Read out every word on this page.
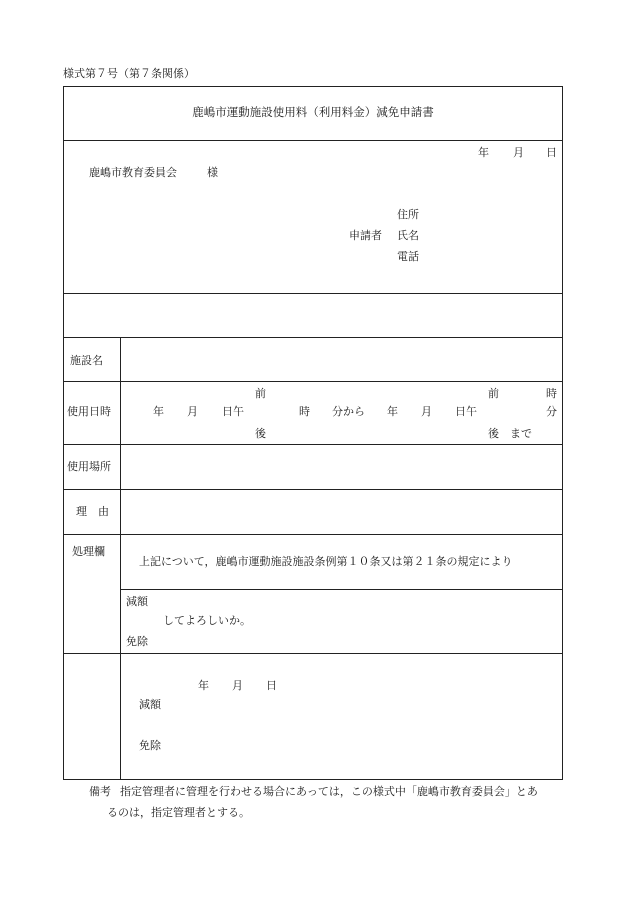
様式第７号（第７条関係）
鹿嶋市運動施設使用料（利用料金）減免申請書
年 月 日
鹿嶋市教育委員会	様
住所
申請者 氏名
電話
施設名
使用日時
使用場所
理　由
処理欄
前	前	時
年 月 日午	時 分から 年 月 日午	分
後	後　まで
上記について，鹿嶋市運動施設施設条例第１０条又は第２１条の規定により
減額
してよろしいか。
免除
年 月 日
減額
免除
備考 指定管理者に管理を行わせる場合にあっては，この様式中「鹿嶋市教育委員会」とあ
るのは，指定管理者とする。
